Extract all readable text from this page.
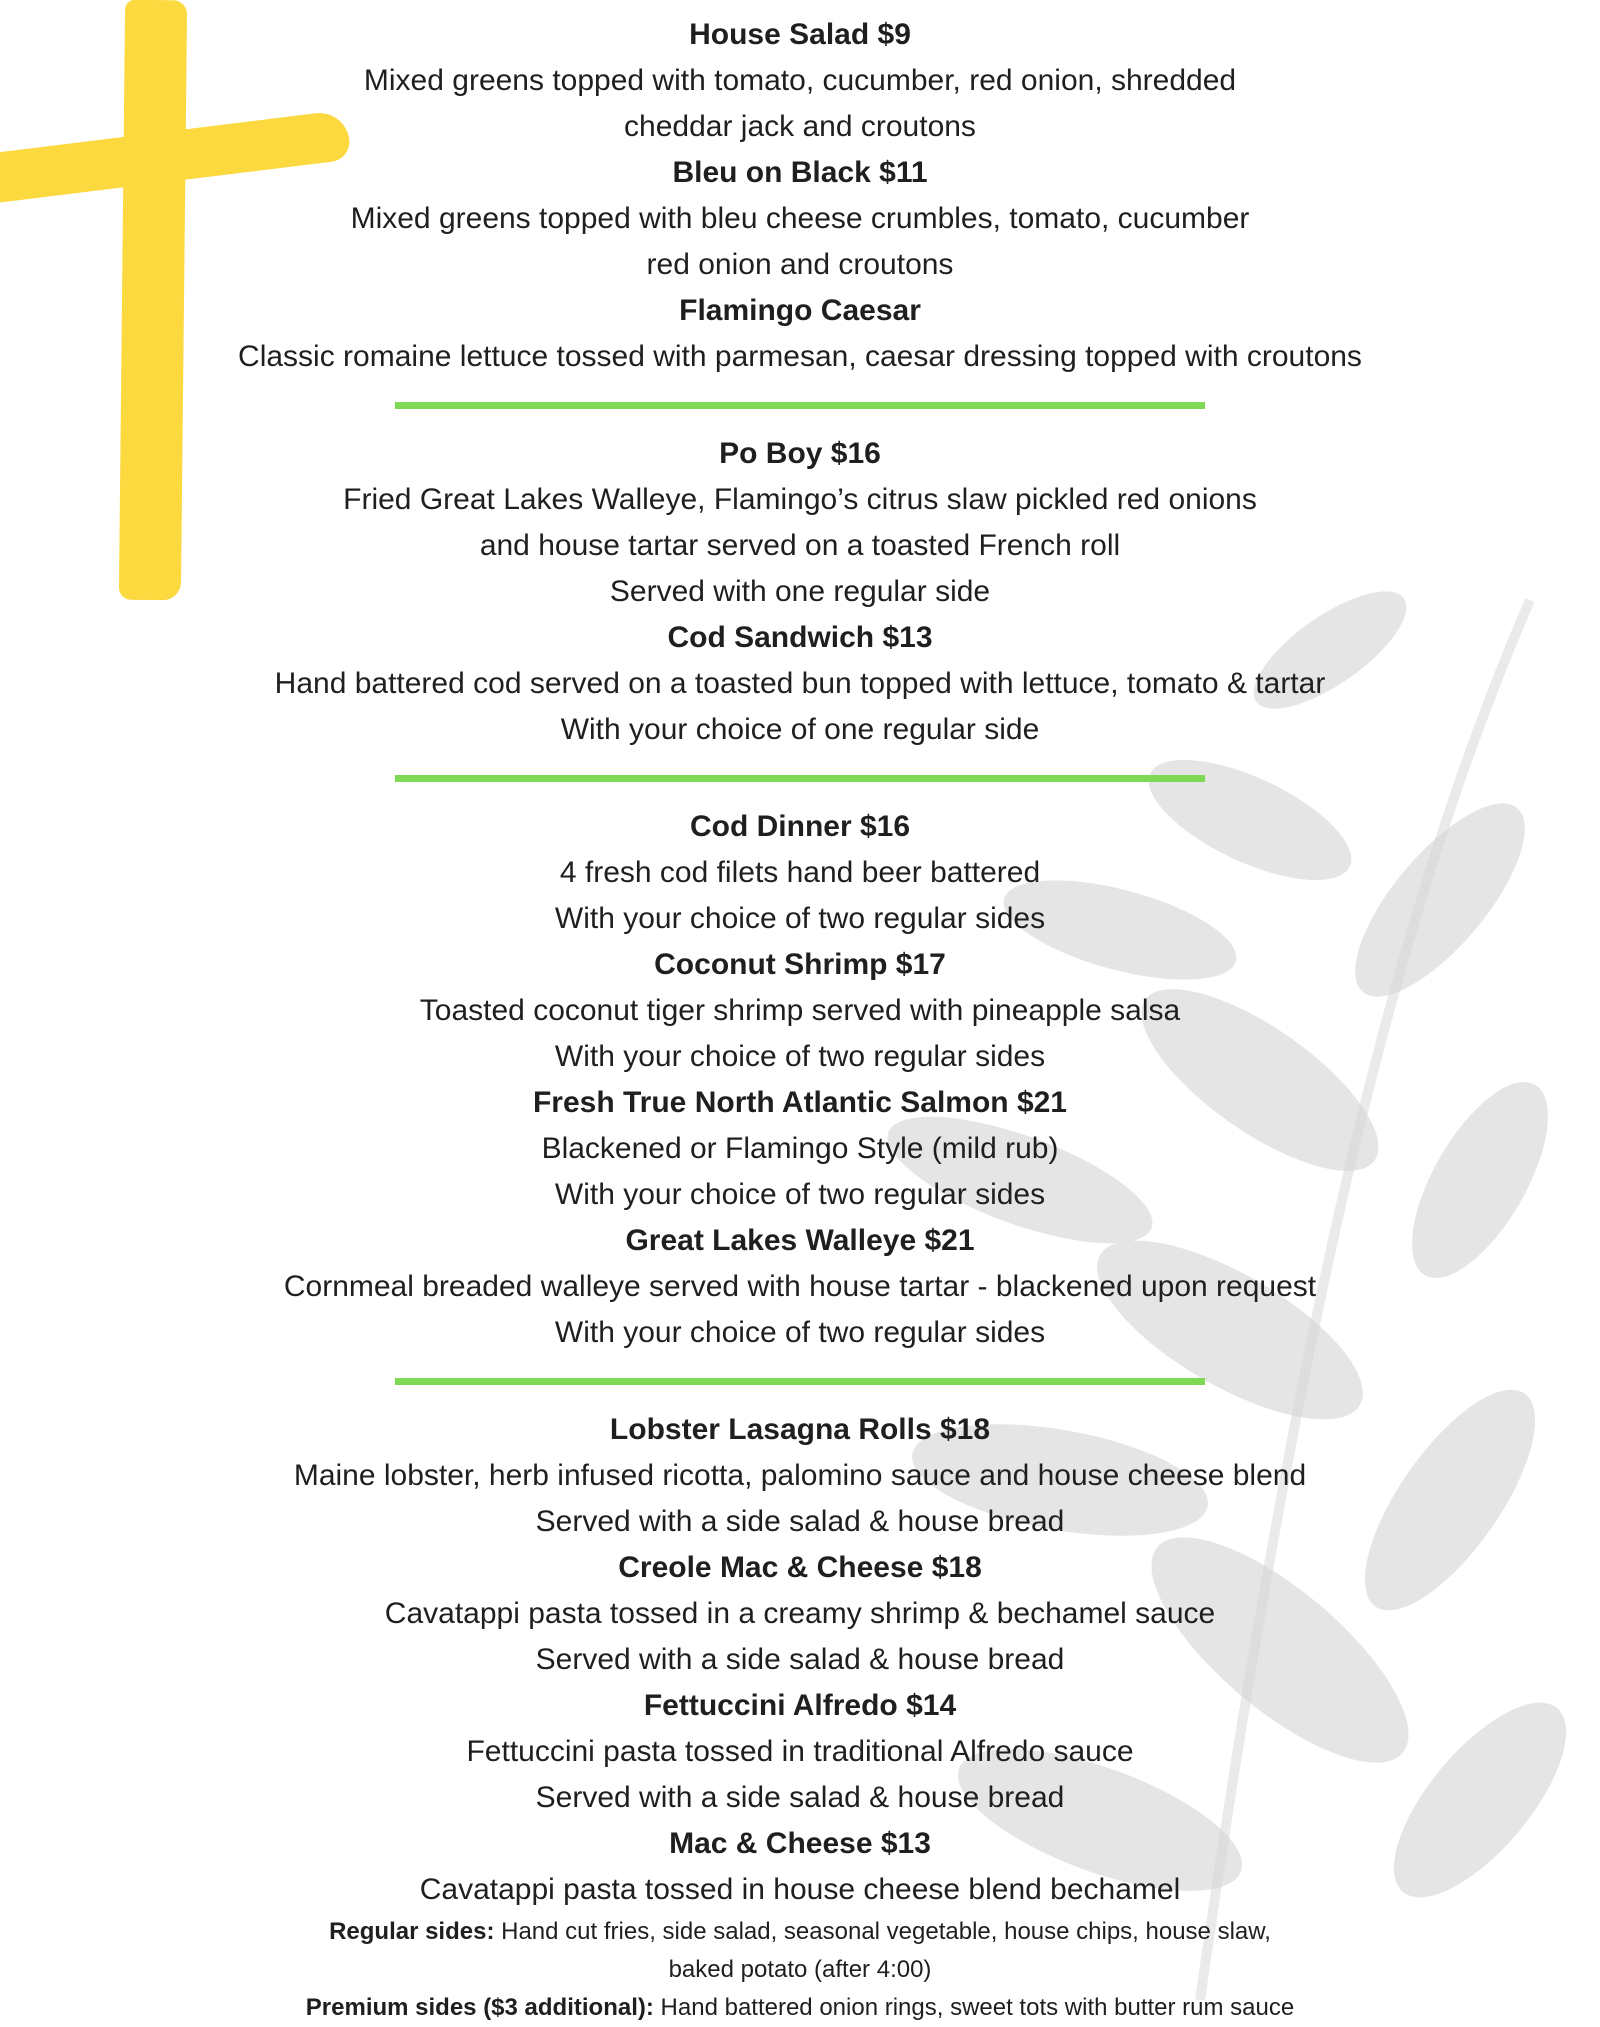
House Salad $9
Mixed greens topped with tomato, cucumber, red onion, shredded
cheddar jack and croutons
Bleu on Black $11
Mixed greens topped with bleu cheese crumbles, tomato, cucumber
red onion and croutons
Flamingo Caesar
Classic romaine lettuce tossed with parmesan, caesar dressing topped with croutons
Po Boy $16
Fried Great Lakes Walleye, Flamingo’s citrus slaw pickled red onions
and house tartar served on a toasted French roll
Served with one regular side
Cod Sandwich $13
Hand battered cod served on a toasted bun topped with lettuce, tomato & tartar
With your choice of one regular side
Cod Dinner $16
4 fresh cod filets hand beer battered
With your choice of two regular sides
Coconut Shrimp $17
Toasted coconut tiger shrimp served with pineapple salsa
With your choice of two regular sides
Fresh True North Atlantic Salmon $21
Blackened or Flamingo Style (mild rub)
With your choice of two regular sides
Great Lakes Walleye $21
Cornmeal breaded walleye served with house tartar - blackened upon request
With your choice of two regular sides
Lobster Lasagna Rolls $18
Maine lobster, herb infused ricotta, palomino sauce and house cheese blend
Served with a side salad & house bread
Creole Mac & Cheese $18
Cavatappi pasta tossed in a creamy shrimp & bechamel sauce
Served with a side salad & house bread
Fettuccini Alfredo $14
Fettuccini pasta tossed in traditional Alfredo sauce
Served with a side salad & house bread
Mac & Cheese $13
Cavatappi pasta tossed in house cheese blend bechamel
Regular sides: Hand cut fries, side salad, seasonal vegetable, house chips, house slaw,
baked potato (after 4:00)
Premium sides ($3 additional): Hand battered onion rings, sweet tots with butter rum sauce
